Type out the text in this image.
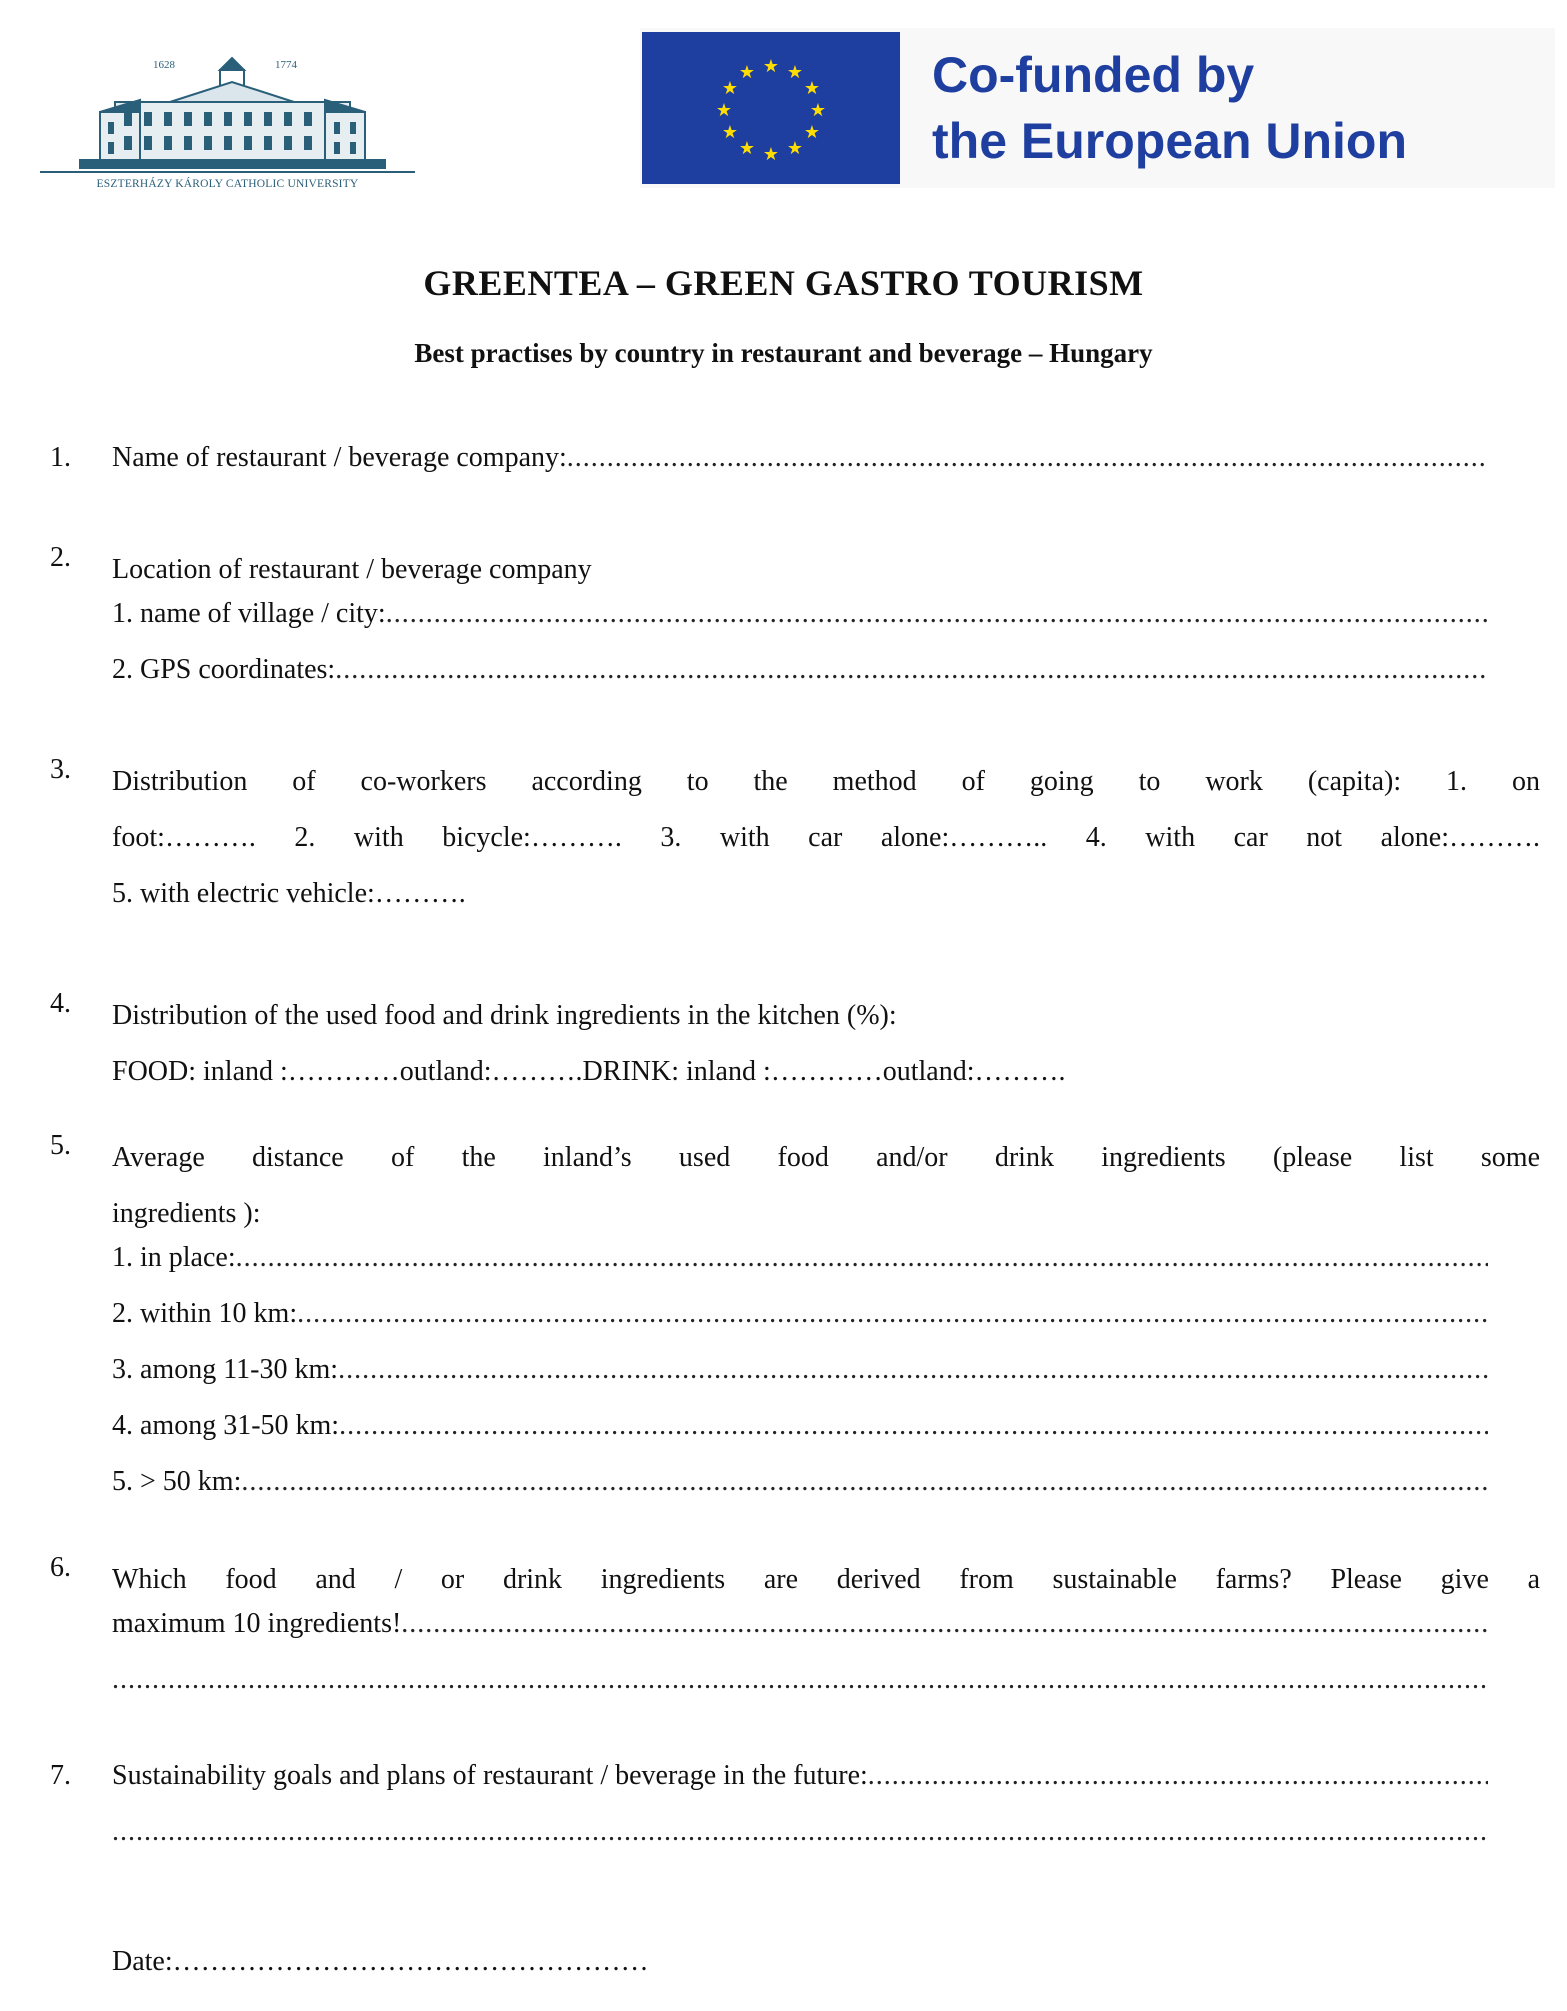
1628	1774
ESZTERHÁZY KÁROLY CATHOLIC UNIVERSITY
★ ★
★
★
★
★
★
★
★
★
★
★	Co-funded by
the European Union
GREENTEA – GREEN GASTRO TOURISM
Best practises by country in restaurant and beverage – Hungary
1. Name of restaurant / beverage company:
.....
2. Location of restaurant / beverage company
1. name of village / city:
.....
2. GPS coordinates:
.....
3. Distribution of co-workers according to the method of going to work (capita): 1. on
foot:………. 2. with bicycle:………. 3. with car alone:……….. 4. with car not alone:……….
5. with electric vehicle:……….
4. Distribution of the used food and drink ingredients in the kitchen (%):
FOOD: inland :…………outland:……….DRINK: inland :…………outland:……….
5. Average distance of the inland’s used food and/or drink ingredients (please list some
ingredients ):
1. in place:
.....
2. within 10 km:
.....
3. among 11-30 km:
.....
4. among 31-50 km:
.....
5. > 50 km:
.....
6. Which food and / or drink ingredients are derived from sustainable farms? Please give a
maximum 10 ingredients!
.....
.....
7. Sustainability goals and plans of restaurant / beverage in the future:
.....
.....
Date:……………………………………………
